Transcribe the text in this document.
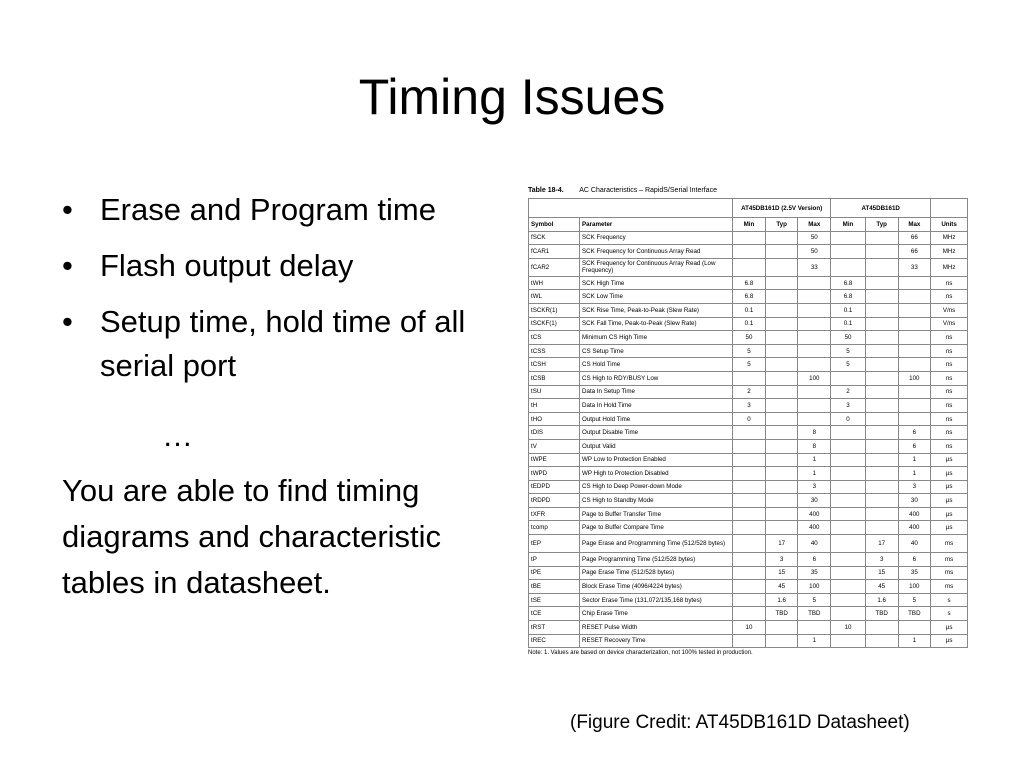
Timing Issues
• Erase and Program time
• Flash output delay
• Setup time, hold time of all serial port
…
You are able to find timing diagrams and characteristic tables in datasheet.
Table 18-4. AC Characteristics – RapidS/Serial Interface
		AT45DB161D (2.5V Version)			AT45DB161D			
Symbol	Parameter	Min	Typ	Max	Min	Typ	Max	Units
fSCK	SCK Frequency			50			66	MHz
fCAR1	SCK Frequency for Continuous Array Read			50			66	MHz
fCAR2	SCK Frequency for Continuous Array Read (Low Frequency)			33			33	MHz
tWH	SCK High Time	6.8			6.8			ns
tWL	SCK Low Time	6.8			6.8			ns
tSCKR(1)	SCK Rise Time, Peak-to-Peak (Slew Rate)	0.1			0.1			V/ns
tSCKF(1)	SCK Fall Time, Peak-to-Peak (Slew Rate)	0.1			0.1			V/ns
tCS	Minimum CS High Time	50			50			ns
tCSS	CS Setup Time	5			5			ns
tCSH	CS Hold Time	5			5			ns
tCSB	CS High to RDY/BUSY Low			100			100	ns
tSU	Data In Setup Time	2			2			ns
tH	Data In Hold Time	3			3			ns
tHO	Output Hold Time	0			0			ns
tDIS	Output Disable Time			8			6	ns
tV	Output Valid			8			6	ns
tWPE	WP Low to Protection Enabled			1			1	µs
tWPD	WP High to Protection Disabled			1			1	µs
tEDPD	CS High to Deep Power-down Mode			3			3	µs
tRDPD	CS High to Standby Mode			30			30	µs
tXFR	Page to Buffer Transfer Time			400			400	µs
tcomp	Page to Buffer Compare Time			400			400	µs
tEP	Page Erase and Programming Time (512/528 bytes)		17	40		17	40	ms
tP	Page Programming Time (512/528 bytes)		3	6		3	6	ms
tPE	Page Erase Time (512/528 bytes)		15	35		15	35	ms
tBE	Block Erase Time (4096/4224 bytes)		45	100		45	100	ms
tSE	Sector Erase Time (131,072/135,168 bytes)		1.6	5		1.6	5	s
tCE	Chip Erase Time		TBD	TBD		TBD	TBD	s
tRST	RESET Pulse Width	10			10			µs
tREC	RESET Recovery Time			1			1	µs
Note: 1. Values are based on device characterization, not 100% tested in production.
(Figure Credit: AT45DB161D Datasheet)
